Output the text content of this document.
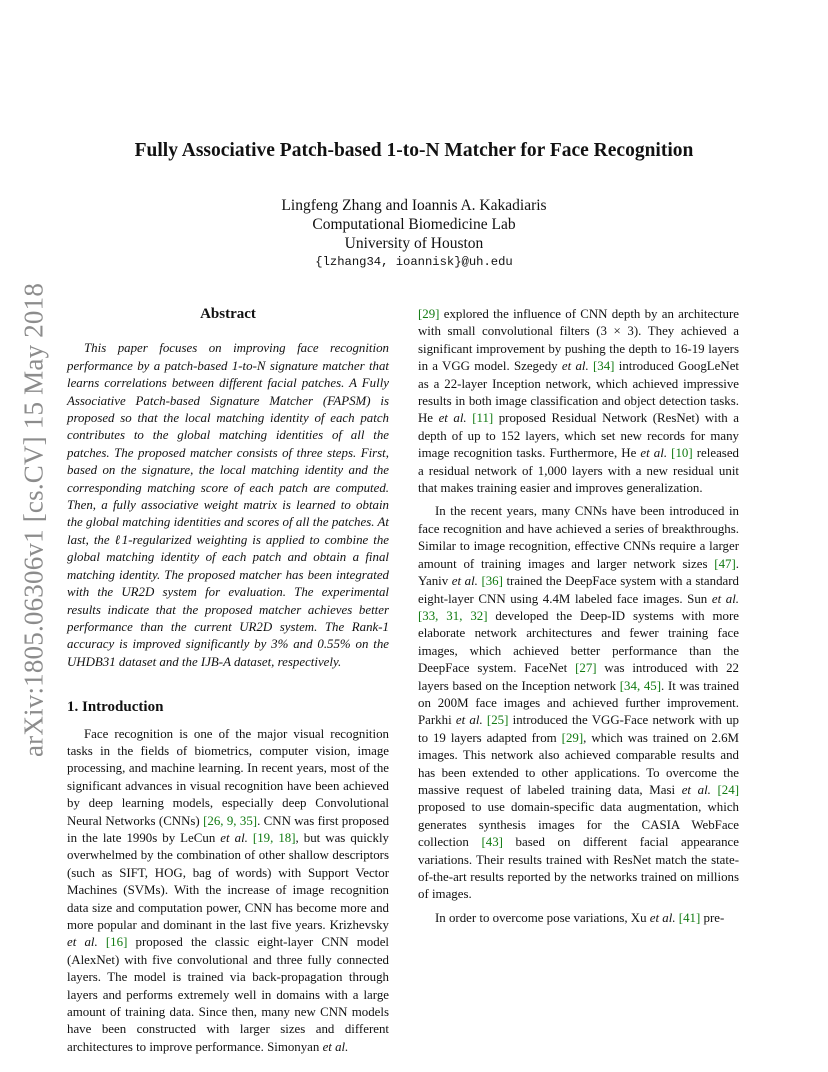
arXiv:1805.06306v1 [cs.CV] 15 May 2018
Fully Associative Patch-based 1-to-N Matcher for Face Recognition
Lingfeng Zhang and Ioannis A. Kakadiaris
Computational Biomedicine Lab
University of Houston
{lzhang34, ioannisk}@uh.edu
Abstract

This paper focuses on improving face recognition performance by a patch-based 1-to-N signature matcher that learns correlations between different facial patches. A Fully Associative Patch-based Signature Matcher (FAPSM) is proposed so that the local matching identity of each patch contributes to the global matching identities of all the patches. The proposed matcher consists of three steps. First, based on the signature, the local matching identity and the corresponding matching score of each patch are computed. Then, a fully associative weight matrix is learned to obtain the global matching identities and scores of all the patches. At last, the ℓ1-regularized weighting is applied to combine the global matching identity of each patch and obtain a final matching identity. The proposed matcher has been integrated with the UR2D system for evaluation. The experimental results indicate that the proposed matcher achieves better performance than the current UR2D system. The Rank-1 accuracy is improved significantly by 3% and 0.55% on the UHDB31 dataset and the IJB-A dataset, respectively.

1. Introduction

Face recognition is one of the major visual recognition tasks in the fields of biometrics, computer vision, image processing, and machine learning. In recent years, most of the significant advances in visual recognition have been achieved by deep learning models, especially deep Convolutional Neural Networks (CNNs) [26, 9, 35]. CNN was first proposed in the late 1990s by LeCun et al. [19, 18], but was quickly overwhelmed by the combination of other shallow descriptors (such as SIFT, HOG, bag of words) with Support Vector Machines (SVMs). With the increase of image recognition data size and computation power, CNN has become more and more popular and dominant in the last five years. Krizhevsky et al. [16] proposed the classic eight-layer CNN model (AlexNet) with five convolutional and three fully connected layers. The model is trained via back-propagation through layers and performs extremely well in domains with a large amount of training data. Since then, many new CNN models have been constructed with larger sizes and different architectures to improve performance. Simonyan et al.

[29] explored the influence of CNN depth by an architecture with small convolutional filters (3 × 3). They achieved a significant improvement by pushing the depth to 16-19 layers in a VGG model. Szegedy et al. [34] introduced GoogLeNet as a 22-layer Inception network, which achieved impressive results in both image classification and object detection tasks. He et al. [11] proposed Residual Network (ResNet) with a depth of up to 152 layers, which set new records for many image recognition tasks. Furthermore, He et al. [10] released a residual network of 1,000 layers with a new residual unit that makes training easier and improves generalization.

In the recent years, many CNNs have been introduced in face recognition and have achieved a series of breakthroughs. Similar to image recognition, effective CNNs require a larger amount of training images and larger network sizes [47]. Yaniv et al. [36] trained the DeepFace system with a standard eight-layer CNN using 4.4M labeled face images. Sun et al. [33, 31, 32] developed the Deep-ID systems with more elaborate network architectures and fewer training face images, which achieved better performance than the DeepFace system. FaceNet [27] was introduced with 22 layers based on the Inception network [34, 45]. It was trained on 200M face images and achieved further improvement. Parkhi et al. [25] introduced the VGG-Face network with up to 19 layers adapted from [29], which was trained on 2.6M images. This network also achieved comparable results and has been extended to other applications. To overcome the massive request of labeled training data, Masi et al. [24] proposed to use domain-specific data augmentation, which generates synthesis images for the CASIA WebFace collection [43] based on different facial appearance variations. Their results trained with ResNet match the state-of-the-art results reported by the networks trained on millions of images.

In order to overcome pose variations, Xu et al. [41] pre-
